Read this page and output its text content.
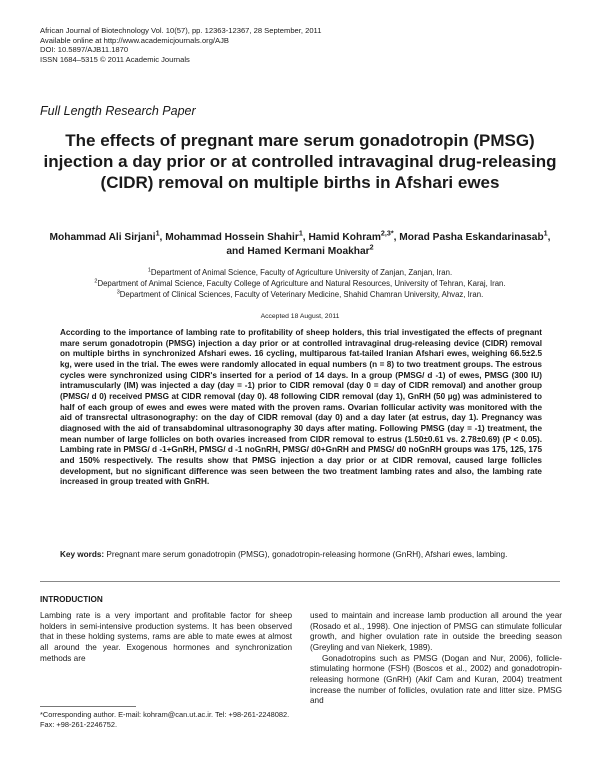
African Journal of Biotechnology Vol. 10(57), pp. 12363-12367, 28 September, 2011
Available online at http://www.academicjournals.org/AJB
DOI: 10.5897/AJB11.1870
ISSN 1684–5315 © 2011 Academic Journals
Full Length Research Paper
The effects of pregnant mare serum gonadotropin (PMSG) injection a day prior or at controlled intravaginal drug-releasing (CIDR) removal on multiple births in Afshari ewes
Mohammad Ali Sirjani$^1$, Mohammad Hossein Shahir$^1$, Hamid Kohram$^{2,3*}$, Morad Pasha Eskandarinasab$^1$, and Hamed Kermani Moakhar$^2$
$^1$Department of Animal Science, Faculty of Agriculture University of Zanjan, Zanjan, Iran.
$^2$Department of Animal Science, Faculty College of Agriculture and Natural Resources, University of Tehran, Karaj, Iran.
$^3$Department of Clinical Sciences, Faculty of Veterinary Medicine, Shahid Chamran University, Ahvaz, Iran.
Accepted 18 August, 2011

According to the importance of lambing rate to profitability of sheep holders, this trial investigated the effects of pregnant mare serum gonadotropin (PMSG) injection a day prior or at controlled intravaginal drug-releasing device (CIDR) removal on multiple births in synchronized Afshari ewes. 16 cycling, multiparous fat-tailed Iranian Afshari ewes, weighing 66.5±2.5 kg, were used in the trial. The ewes were randomly allocated in equal numbers (n = 8) to two treatment groups. The estrous cycles were synchronized using CIDR's inserted for a period of 14 days. In a group (PMSG/ d -1) of ewes, PMSG (300 IU) intramuscularly (IM) was injected a day (day = -1) prior to CIDR removal (day 0 = day of CIDR removal) and another group (PMSG/ d 0) received PMSG at CIDR removal (day 0). 48 following CIDR removal (day 1), GnRH (50 µg) was administered to half of each group of ewes and ewes were mated with the proven rams. Ovarian follicular activity was monitored with the aid of transrectal ultrasonography: on the day of CIDR removal (day 0) and a day later (at estrus, day 1). Pregnancy was diagnosed with the aid of transabdominal ultrasonography 30 days after mating. Following PMSG (day = -1) treatment, the mean number of large follicles on both ovaries increased from CIDR removal to estrus (1.50±0.61 vs. 2.78±0.69) (P < 0.05). Lambing rate in PMSG/ d -1+GnRH, PMSG/ d -1 noGnRH, PMSG/ d0+GnRH and PMSG/ d0 noGnRH groups was 175, 125, 175 and 150% respectively. The results show that PMSG injection a day prior or at CIDR removal, caused large follicles development, but no significant difference was seen between the two treatment lambing rates and also, the lambing rate increased in group treated with GnRH.

Key words: Pregnant mare serum gonadotropin (PMSG), gonadotropin-releasing hormone (GnRH), Afshari ewes, lambing.

INTRODUCTION

Lambing rate is a very important and profitable factor for sheep holders in semi-intensive production systems. It has been observed that in these holding systems, rams are able to mate ewes at almost all around the year. Exogenous hormones and synchronization methods are

used to maintain and increase lamb production all around the year (Rosado et al., 1998). One injection of PMSG can stimulate follicular growth, and higher ovulation rate in outside the breeding season (Greyling and van Niekerk, 1989).

Gonadotropins such as PMSG (Dogan and Nur, 2006), follicle-stimulating hormone (FSH) (Boscos et al., 2002) and gonadotropin-releasing hormone (GnRH) (Akif Cam and Kuran, 2004) treatment increase the number of follicles, ovulation rate and litter size. PMSG and

*Corresponding author. E-mail: kohram@can.ut.ac.ir. Tel: +98-261-2248082. Fax: +98-261-2246752.
